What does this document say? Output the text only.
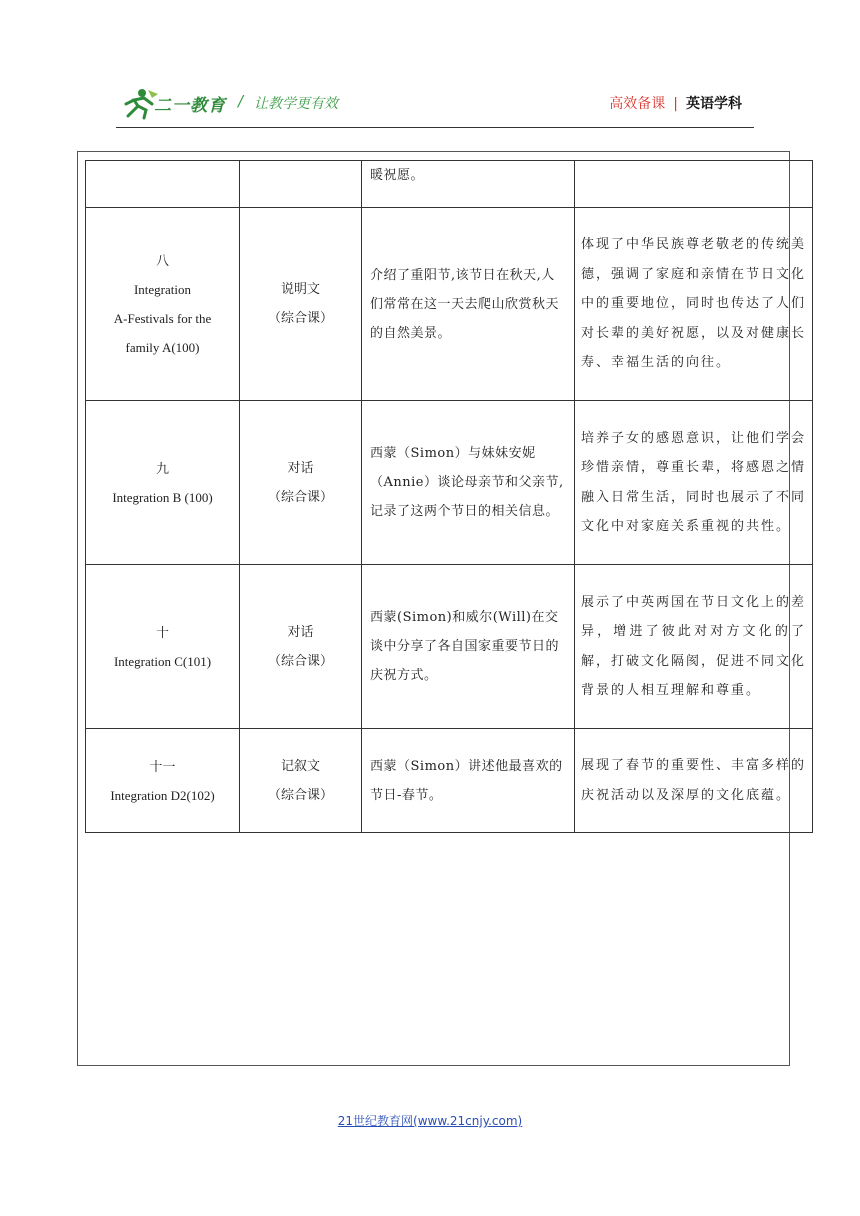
二一教育 / 让教学更有效	高效备课 | 英语学科
		暖祝愿。	

八
Integration
A-Festivals for the
family A(100)	说明文
（综合课）	介绍了重阳节,该节日在秋天,人们常常在这一天去爬山欣赏秋天的自然美景。	体现了中华民族尊老敬老的传统美德，强调了家庭和亲情在节日文化中的重要地位，同时也传达了人们对长辈的美好祝愿，以及对健康长寿、幸福生活的向往。

九
Integration B (100)	对话
（综合课）	西蒙（Simon）与妹妹安妮（Annie）谈论母亲节和父亲节,记录了这两个节日的相关信息。	培养子女的感恩意识，让他们学会珍惜亲情，尊重长辈，将感恩之情融入日常生活，同时也展示了不同文化中对家庭关系重视的共性。

十
Integration C(101)	对话
（综合课）	西蒙(Simon)和威尔(Will)在交谈中分享了各自国家重要节日的庆祝方式。	展示了中英两国在节日文化上的差异，增进了彼此对对方文化的了解，打破文化隔阂，促进不同文化背景的人相互理解和尊重。

十一
Integration D2(102)	记叙文
（综合课）	西蒙（Simon）讲述他最喜欢的节日-春节。	展现了春节的重要性、丰富多样的庆祝活动以及深厚的文化底蕴。
21世纪教育网(www.21cnjy.com)
